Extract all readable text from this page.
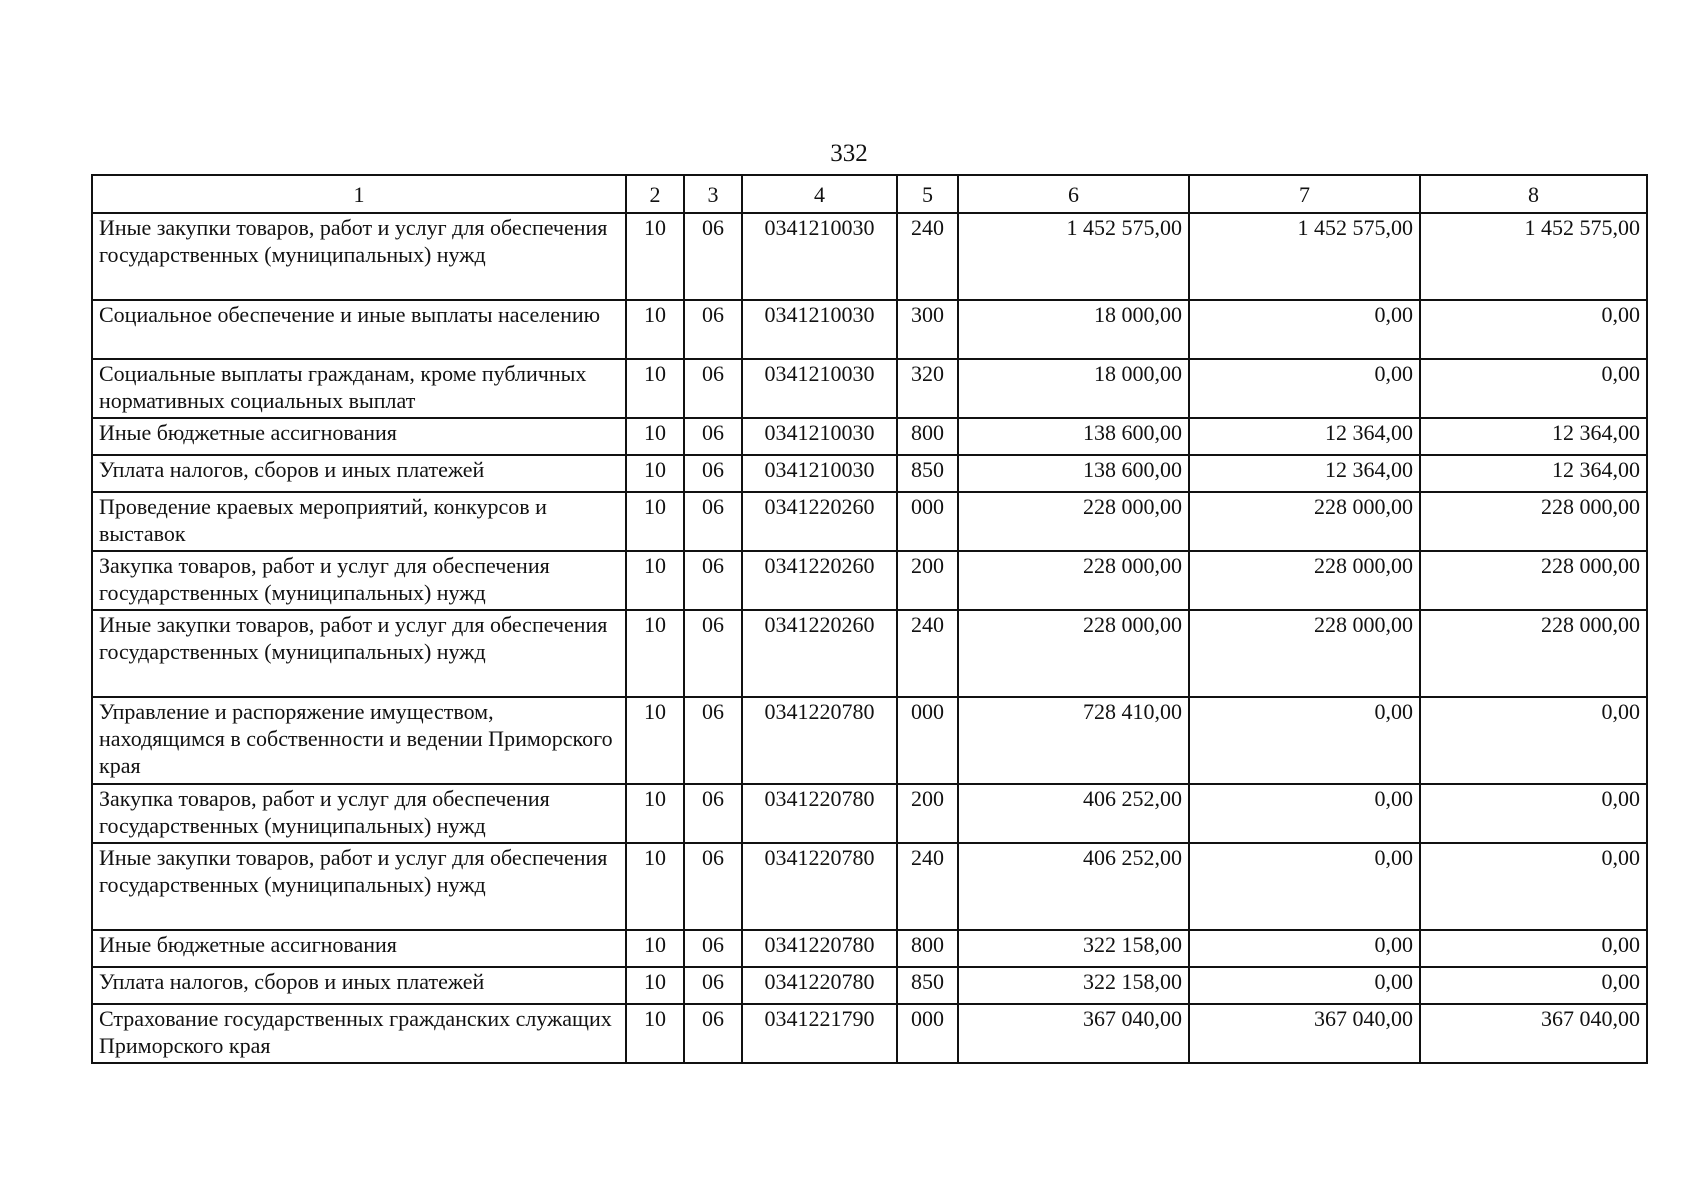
332
1	2	3	4	5	6	7	8
Иные закупки товаров, работ и услуг для обеспечения государственных (муниципальных) нужд	10	06	0341210030	240	1 452 575,00	1 452 575,00	1 452 575,00
Социальное обеспечение и иные выплаты населению	10	06	0341210030	300	18 000,00	0,00	0,00
Социальные выплаты гражданам, кроме публичных нормативных социальных выплат	10	06	0341210030	320	18 000,00	0,00	0,00
Иные бюджетные ассигнования	10	06	0341210030	800	138 600,00	12 364,00	12 364,00
Уплата налогов, сборов и иных платежей	10	06	0341210030	850	138 600,00	12 364,00	12 364,00
Проведение краевых мероприятий, конкурсов и выставок	10	06	0341220260	000	228 000,00	228 000,00	228 000,00
Закупка товаров, работ и услуг для обеспечения государственных (муниципальных) нужд	10	06	0341220260	200	228 000,00	228 000,00	228 000,00
Иные закупки товаров, работ и услуг для обеспечения государственных (муниципальных) нужд	10	06	0341220260	240	228 000,00	228 000,00	228 000,00
Управление и распоряжение имуществом, находящимся в собственности и ведении Приморского края	10	06	0341220780	000	728 410,00	0,00	0,00
Закупка товаров, работ и услуг для обеспечения государственных (муниципальных) нужд	10	06	0341220780	200	406 252,00	0,00	0,00
Иные закупки товаров, работ и услуг для обеспечения государственных (муниципальных) нужд	10	06	0341220780	240	406 252,00	0,00	0,00
Иные бюджетные ассигнования	10	06	0341220780	800	322 158,00	0,00	0,00
Уплата налогов, сборов и иных платежей	10	06	0341220780	850	322 158,00	0,00	0,00
Страхование государственных гражданских служащих Приморского края	10	06	0341221790	000	367 040,00	367 040,00	367 040,00
